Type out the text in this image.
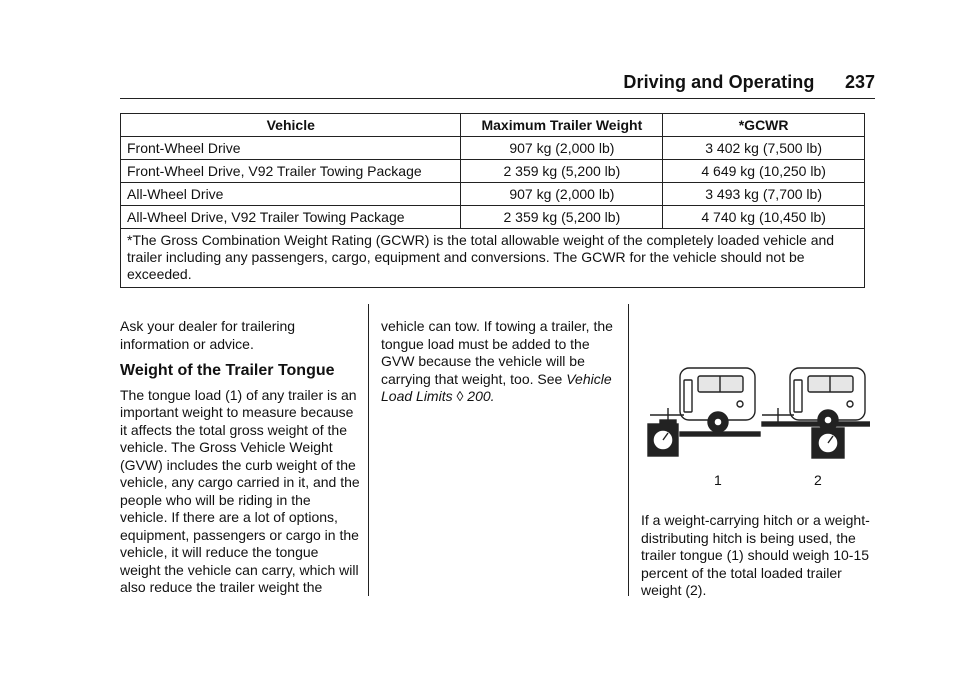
Driving and Operating 237
Vehicle	Maximum Trailer Weight	*GCWR
Front-Wheel Drive	907 kg (2,000 lb)	3 402 kg (7,500 lb)
Front-Wheel Drive, V92 Trailer Towing Package	2 359 kg (5,200 lb)	4 649 kg (10,250 lb)
All-Wheel Drive	907 kg (2,000 lb)	3 493 kg (7,700 lb)
All-Wheel Drive, V92 Trailer Towing Package	2 359 kg (5,200 lb)	4 740 kg (10,450 lb)
*The Gross Combination Weight Rating (GCWR) is the total allowable weight of the completely loaded vehicle and trailer including any passengers, cargo, equipment and conversions. The GCWR for the vehicle should not be exceeded.		

Ask your dealer for trailering information or advice.

Weight of the Trailer Tongue

The tongue load (1) of any trailer is an important weight to measure because it affects the total gross weight of the vehicle. The Gross Vehicle Weight (GVW) includes the curb weight of the vehicle, any cargo carried in it, and the people who will be riding in the vehicle. If there are a lot of options, equipment, passengers or cargo in the vehicle, it will reduce the tongue weight the vehicle can carry, which will also reduce the trailer weight the

vehicle can tow. If towing a trailer, the tongue load must be added to the GVW because the vehicle will be carrying that weight, too. See Vehicle Load Limits ◊ 200.

1	2

If a weight-carrying hitch or a weight-distributing hitch is being used, the trailer tongue (1) should weigh 10-15 percent of the total loaded trailer weight (2).
